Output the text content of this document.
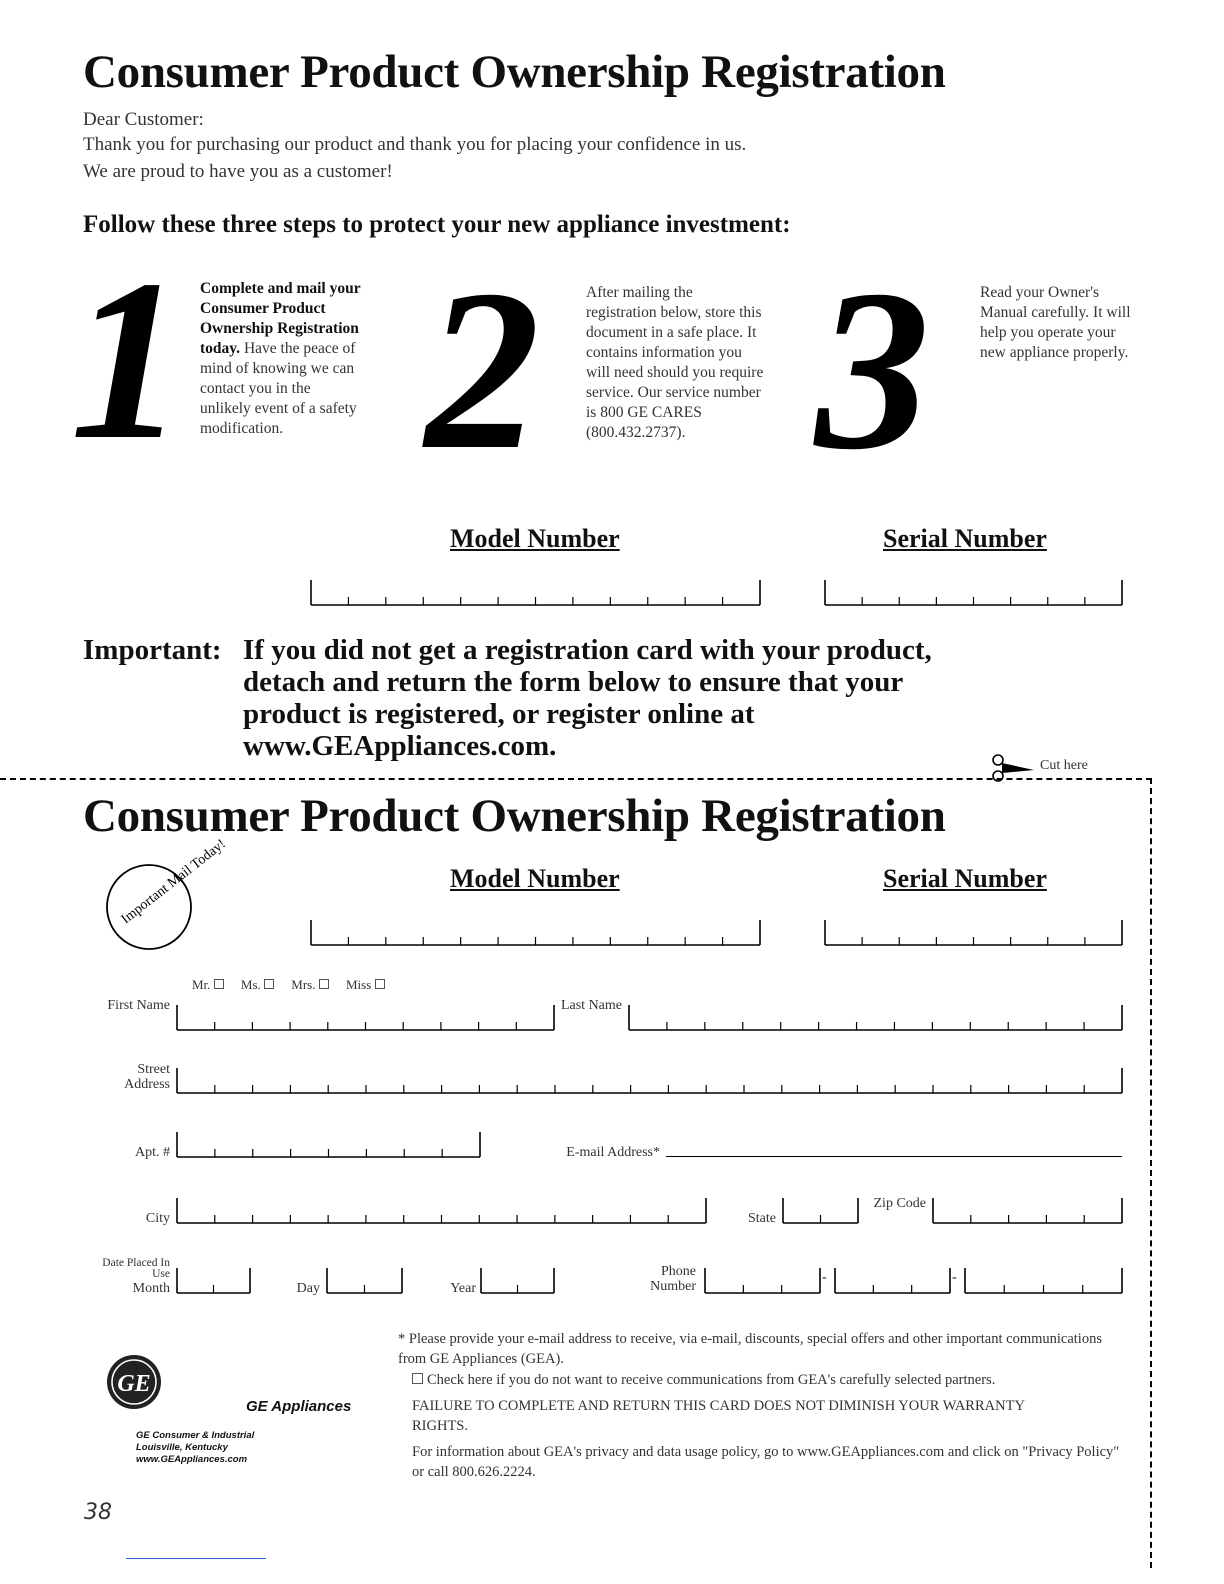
Consumer Product Ownership Registration
Dear Customer:
Thank you for purchasing our product and thank you for placing your confidence in us.
We are proud to have you as a customer!
Follow these three steps to protect your new appliance investment:
1 Complete and mail your Consumer Product Ownership Registration today. Have the peace of mind of knowing we can contact you in the unlikely event of a safety modification. 2	After mailing the registration below, store this document in a safe place. It contains information you will need should you require service. Our service number is 800 GE CARES (800.432.2737). 3	Read your Owner's Manual carefully. It will help you operate your new appliance properly.
Model Number	Serial Number
Important: If you did not get a registration card with your product, detach and return the form below to ensure that your product is registered, or register online at www.GEAppliances.com.
Cut here
Consumer Product Ownership Registration
Important Mail Today!	Model Number	Serial Number
Mr. Ms. Mrs. Miss
First Name	Last Name
Street Address
Apt. #	E-mail Address*
City	State
Zip Code
Date Placed In Use
Month	Day	Year
Phone Number
-	-
* Please provide your e-mail address to receive, via e-mail, discounts, special offers and other important communications from GE Appliances (GEA).
Check here if you do not want to receive communications from GEA's carefully selected partners.
FAILURE TO COMPLETE AND RETURN THIS CARD DOES NOT DIMINISH YOUR WARRANTY RIGHTS.
For information about GEA's privacy and data usage policy, go to www.GEAppliances.com and click on "Privacy Policy" or call 800.626.2224.
GE
GE Appliances
GE Consumer & Industrial
Louisville, Kentucky
www.GEAppliances.com
38
